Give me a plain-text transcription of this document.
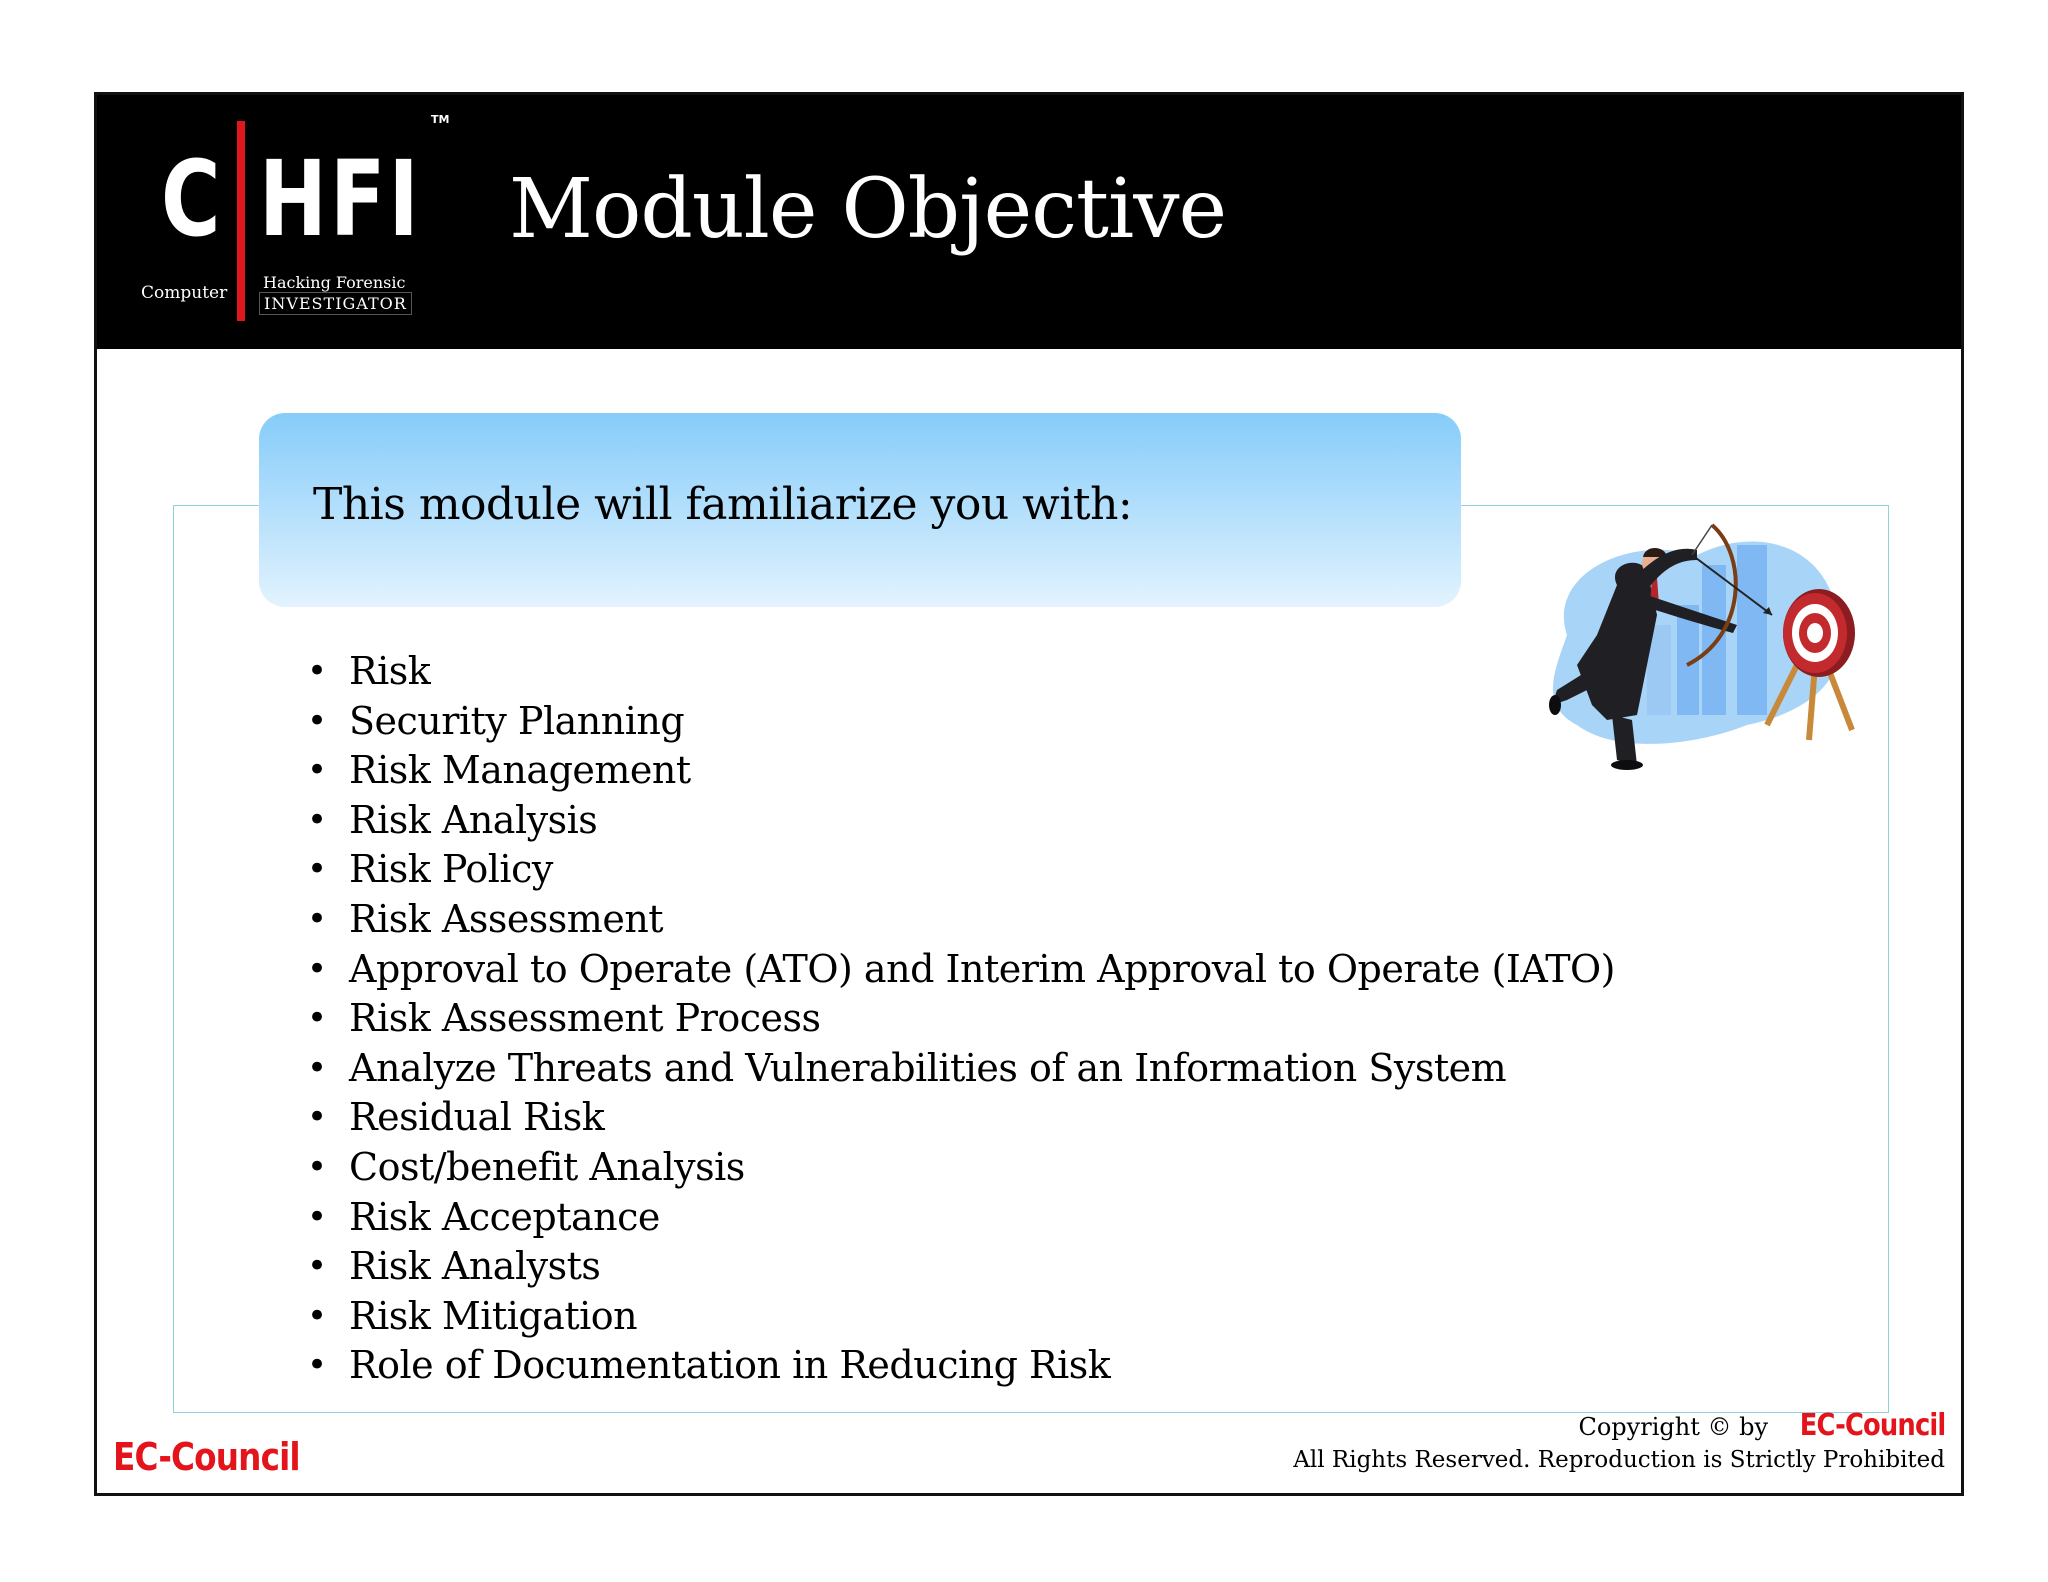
C HFI
TM
Computer
Hacking Forensic
INVESTIGATOR
Module Objective
This module will familiarize you with:
• Risk
• Security Planning
• Risk Management
• Risk Analysis
• Risk Policy
• Risk Assessment
• Approval to Operate (ATO) and Interim Approval to Operate (IATO)
• Risk Assessment Process
• Analyze Threats and Vulnerabilities of an Information System
• Residual Risk
• Cost/benefit Analysis
• Risk Acceptance
• Risk Analysts
• Risk Mitigation
• Role of Documentation in Reducing Risk
EC-Council
Copyright © by EC-Council
All Rights Reserved. Reproduction is Strictly Prohibited
